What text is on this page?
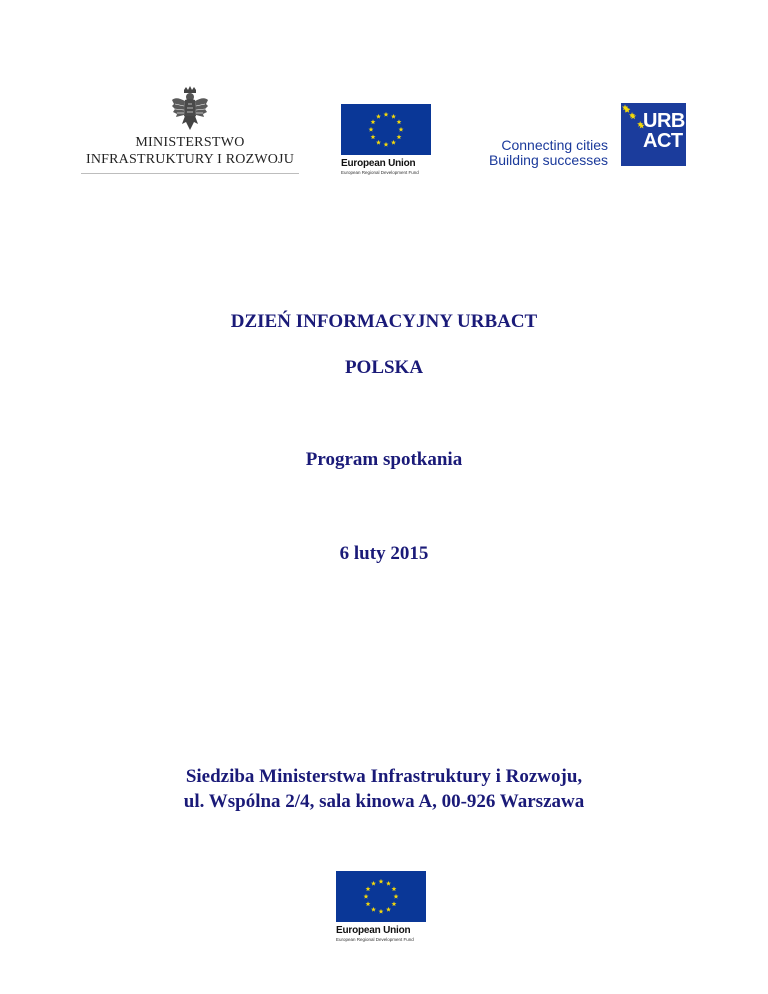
MINISTERSTWO
INFRASTRUKTURY I ROZWOJU	European Union
European Regional Development Fund
Connecting cities
Building successes
URB
ACT
DZIEŃ INFORMACYJNY URBACT
POLSKA
Program spotkania
6 luty 2015
Siedziba Ministerstwa Infrastruktury i Rozwoju,
ul. Wspólna 2/4, sala kinowa A, 00-926 Warszawa
European Union
European Regional Development Fund
